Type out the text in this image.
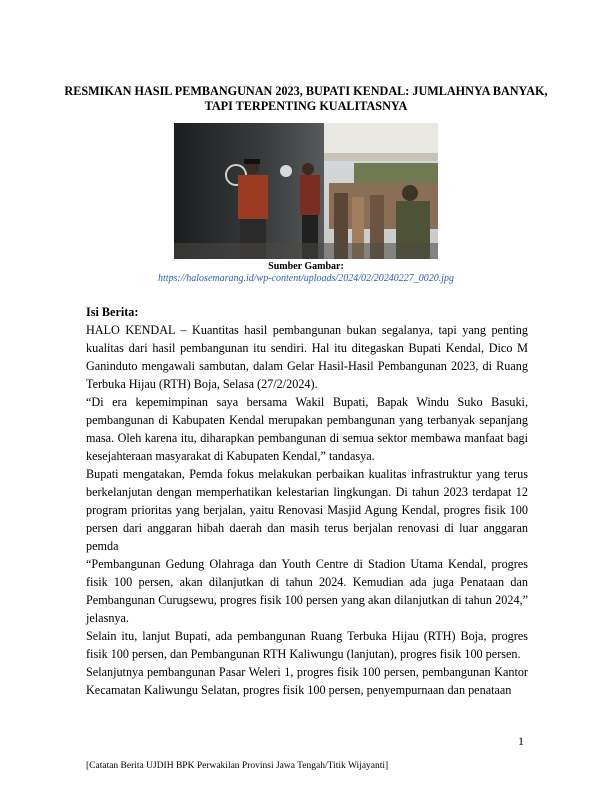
RESMIKAN HASIL PEMBANGUNAN 2023, BUPATI KENDAL: JUMLAHNYA BANYAK, TAPI TERPENTING KUALITASNYA
Sumber Gambar:
https://halosemarang.id/wp-content/uploads/2024/02/20240227_0020.jpg

Isi Berita:

HALO KENDAL – Kuantitas hasil pembangunan bukan segalanya, tapi yang penting kualitas dari hasil pembangunan itu sendiri. Hal itu ditegaskan Bupati Kendal, Dico M Ganinduto mengawali sambutan, dalam Gelar Hasil-Hasil Pembangunan 2023, di Ruang Terbuka Hijau (RTH) Boja, Selasa (27/2/2024).

“Di era kepemimpinan saya bersama Wakil Bupati, Bapak Windu Suko Basuki, pembangunan di Kabupaten Kendal merupakan pembangunan yang terbanyak sepanjang masa. Oleh karena itu, diharapkan pembangunan di semua sektor membawa manfaat bagi kesejahteraan masyarakat di Kabupaten Kendal,” tandasya.

Bupati mengatakan, Pemda fokus melakukan perbaikan kualitas infrastruktur yang terus berkelanjutan dengan memperhatikan kelestarian lingkungan. Di tahun 2023 terdapat 12 program prioritas yang berjalan, yaitu Renovasi Masjid Agung Kendal, progres fisik 100 persen dari anggaran hibah daerah dan masih terus berjalan renovasi di luar anggaran pemda

“Pembangunan Gedung Olahraga dan Youth Centre di Stadion Utama Kendal, progres fisik 100 persen, akan dilanjutkan di tahun 2024. Kemudian ada juga Penataan dan Pembangunan Curugsewu, progres fisik 100 persen yang akan dilanjutkan di tahun 2024,” jelasnya.

Selain itu, lanjut Bupati, ada pembangunan Ruang Terbuka Hijau (RTH) Boja, progres fisik 100 persen, dan Pembangunan RTH Kaliwungu (lanjutan), progres fisik 100 persen.

Selanjutnya pembangunan Pasar Weleri 1, progres fisik 100 persen, pembangunan Kantor Kecamatan Kaliwungu Selatan, progres fisik 100 persen, penyempurnaan dan penataan

1
[Catatan Berita UJDIH BPK Perwakilan Provinsi Jawa Tengah/Titik Wijayanti]
